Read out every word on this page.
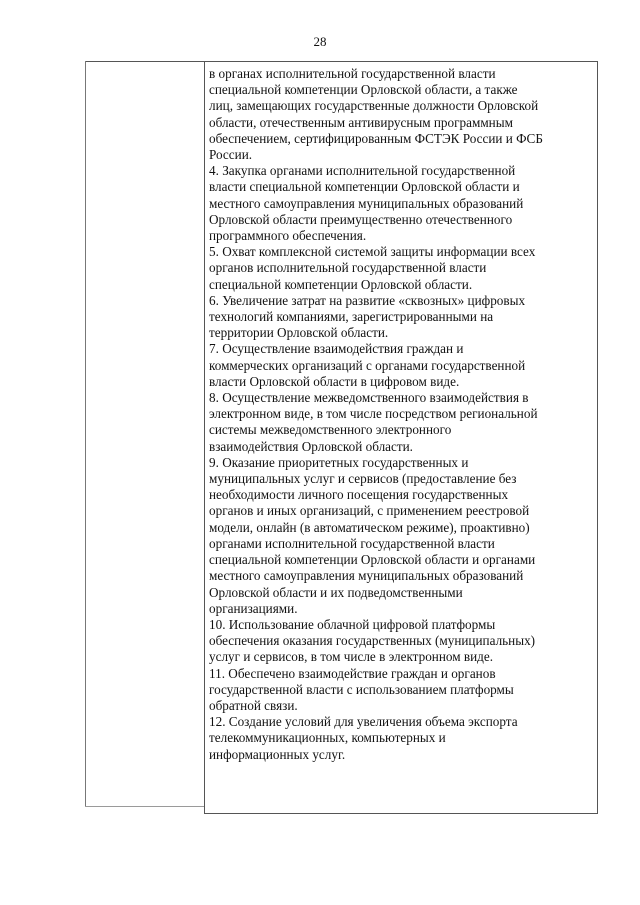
28

в органах исполнительной государственной власти

специальной компетенции Орловской области, а также

лиц, замещающих государственные должности Орловской

области, отечественным антивирусным программным

обеспечением, сертифицированным ФСТЭК России и ФСБ

России.

4. Закупка органами исполнительной государственной

власти специальной компетенции Орловской области и

местного самоуправления муниципальных образований

Орловской области преимущественно отечественного

программного обеспечения.

5. Охват комплексной системой защиты информации всех

органов исполнительной государственной власти

специальной компетенции Орловской области.

6. Увеличение затрат на развитие «сквозных» цифровых

технологий компаниями, зарегистрированными на

территории Орловской области.

7. Осуществление взаимодействия граждан и

коммерческих организаций с органами государственной

власти Орловской области в цифровом виде.

8. Осуществление межведомственного взаимодействия в

электронном виде, в том числе посредством региональной

системы межведомственного электронного

взаимодействия Орловской области.

9. Оказание приоритетных государственных и

муниципальных услуг и сервисов (предоставление без

необходимости личного посещения государственных

органов и иных организаций, с применением реестровой

модели, онлайн (в автоматическом режиме), проактивно)

органами исполнительной государственной власти

специальной компетенции Орловской области и органами

местного самоуправления муниципальных образований

Орловской области и их подведомственными

организациями.

10. Использование облачной цифровой платформы

обеспечения оказания государственных (муниципальных)

услуг и сервисов, в том числе в электронном виде.

11. Обеспечено взаимодействие граждан и органов

государственной власти с использованием платформы

обратной связи.

12. Создание условий для увеличения объема экспорта

телекоммуникационных, компьютерных и

информационных услуг.
